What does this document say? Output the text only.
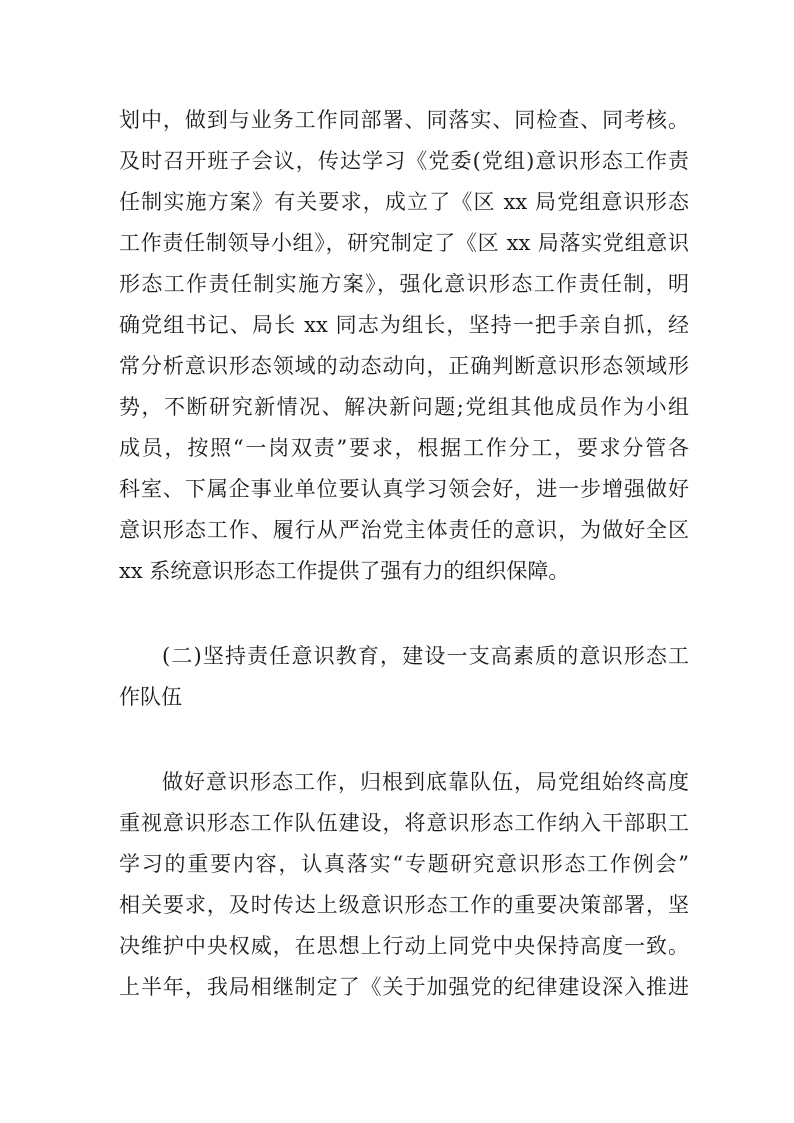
划中，做到与业务工作同部署、同落实、同检查、同考核。
及时召开班子会议，传达学习《党委(党组)意识形态工作责
任制实施方案》有关要求，成立了《区 xx 局党组意识形态
工作责任制领导小组》，研究制定了《区 xx 局落实党组意识
形态工作责任制实施方案》，强化意识形态工作责任制，明
确党组书记、局长 xx 同志为组长，坚持一把手亲自抓，经
常分析意识形态领域的动态动向，正确判断意识形态领域形
势，不断研究新情况、解决新问题;党组其他成员作为小组
成员，按照“一岗双责”要求，根据工作分工，要求分管各
科室、下属企事业单位要认真学习领会好，进一步增强做好
意识形态工作、履行从严治党主体责任的意识，为做好全区
xx 系统意识形态工作提供了强有力的组织保障。
(二)坚持责任意识教育，建设一支高素质的意识形态工
作队伍
做好意识形态工作，归根到底靠队伍，局党组始终高度
重视意识形态工作队伍建设，将意识形态工作纳入干部职工
学习的重要内容，认真落实“专题研究意识形态工作例会”
相关要求，及时传达上级意识形态工作的重要决策部署，坚
决维护中央权威，在思想上行动上同党中央保持高度一致。
上半年，我局相继制定了《关于加强党的纪律建设深入推进
